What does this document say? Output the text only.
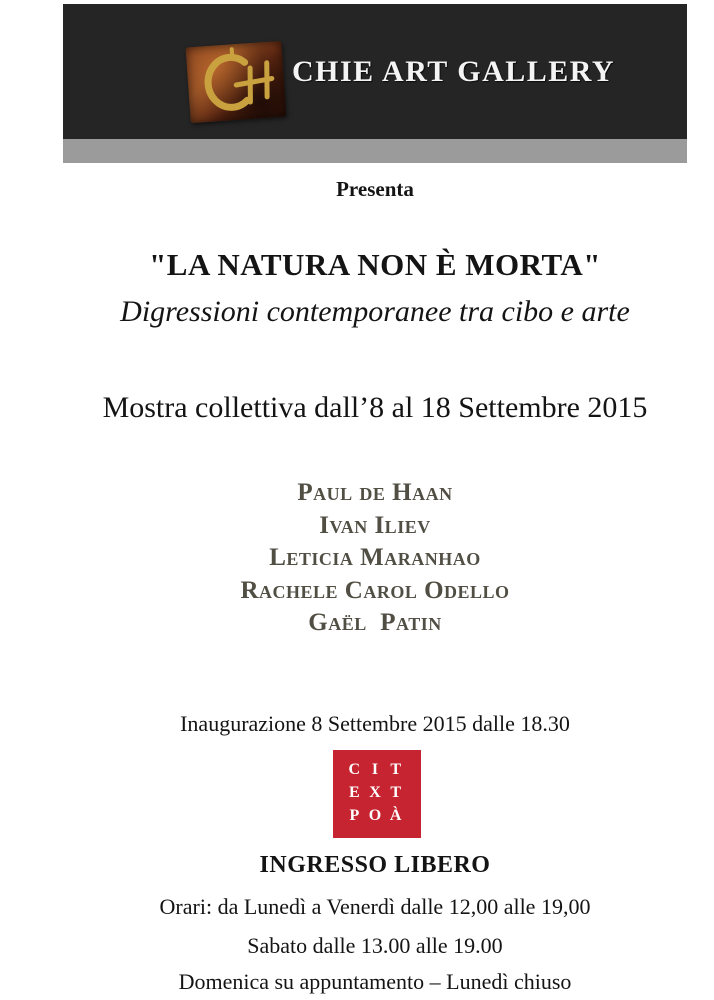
CHIE ART GALLERY
Presenta
"LA NATURA NON È MORTA"
Digressioni contemporanee tra cibo e arte
Mostra collettiva dall’8 al 18 Settembre 2015
Paul de Haan
Ivan Iliev
Leticia Maranhao
Rachele Carol Odello
Gaël  Patin
Inaugurazione 8 Settembre 2015 dalle 18.30
C I T
E X T
P O À
INGRESSO LIBERO
Orari: da Lunedì a Venerdì dalle 12,00 alle 19,00
Sabato dalle 13.00 alle 19.00
Domenica su appuntamento – Lunedì chiuso
